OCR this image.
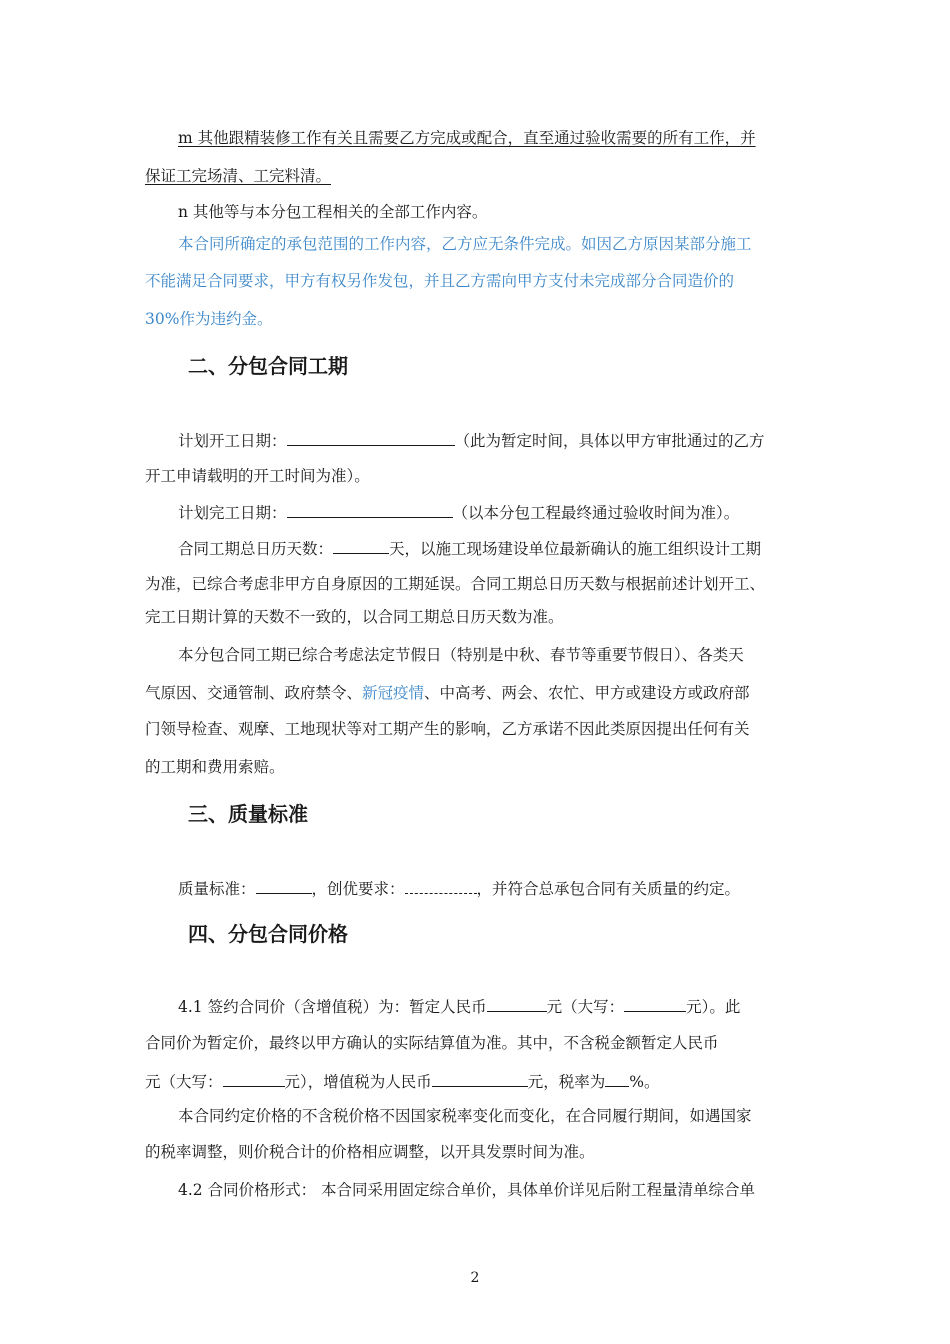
m 其他跟精装修工作有关且需要乙方完成或配合，直至通过验收需要的所有工作，并
保证工完场清、工完料清。
n 其他等与本分包工程相关的全部工作内容。
本合同所确定的承包范围的工作内容，乙方应无条件完成。如因乙方原因某部分施工
不能满足合同要求，甲方有权另作发包，并且乙方需向甲方支付未完成部分合同造价的
30%作为违约金。
二、分包合同工期
计划开工日期：	（此为暂定时间，具体以甲方审批通过的乙方
开工申请载明的开工时间为准）。
计划完工日期：	（以本分包工程最终通过验收时间为准）。
合同工期总日历天数：	天，以施工现场建设单位最新确认的施工组织设计工期
为准，已综合考虑非甲方自身原因的工期延误。合同工期总日历天数与根据前述计划开工、
完工日期计算的天数不一致的，以合同工期总日历天数为准。
本分包合同工期已综合考虑法定节假日（特别是中秋、春节等重要节假日）、各类天
气原因、交通管制、政府禁令、新冠疫情、中高考、两会、农忙、甲方或建设方或政府部
门领导检查、观摩、工地现状等对工期产生的影响，乙方承诺不因此类原因提出任何有关
的工期和费用索赔。
三、质量标准
质量标准：	，创优要求：	，并符合总承包合同有关质量的约定。
四、分包合同价格
4.1 签约合同价（含增值税）为：暂定人民币	元（大写：	元）。此
合同价为暂定价，最终以甲方确认的实际结算值为准。其中，不含税金额暂定人民币
元（大写：	元），增值税为人民币	元，税率为 %。
本合同约定价格的不含税价格不因国家税率变化而变化，在合同履行期间，如遇国家
的税率调整，则价税合计的价格相应调整，以开具发票时间为准。
4.2 合同价格形式： 本合同采用固定综合单价，具体单价详见后附工程量清单综合单
2
